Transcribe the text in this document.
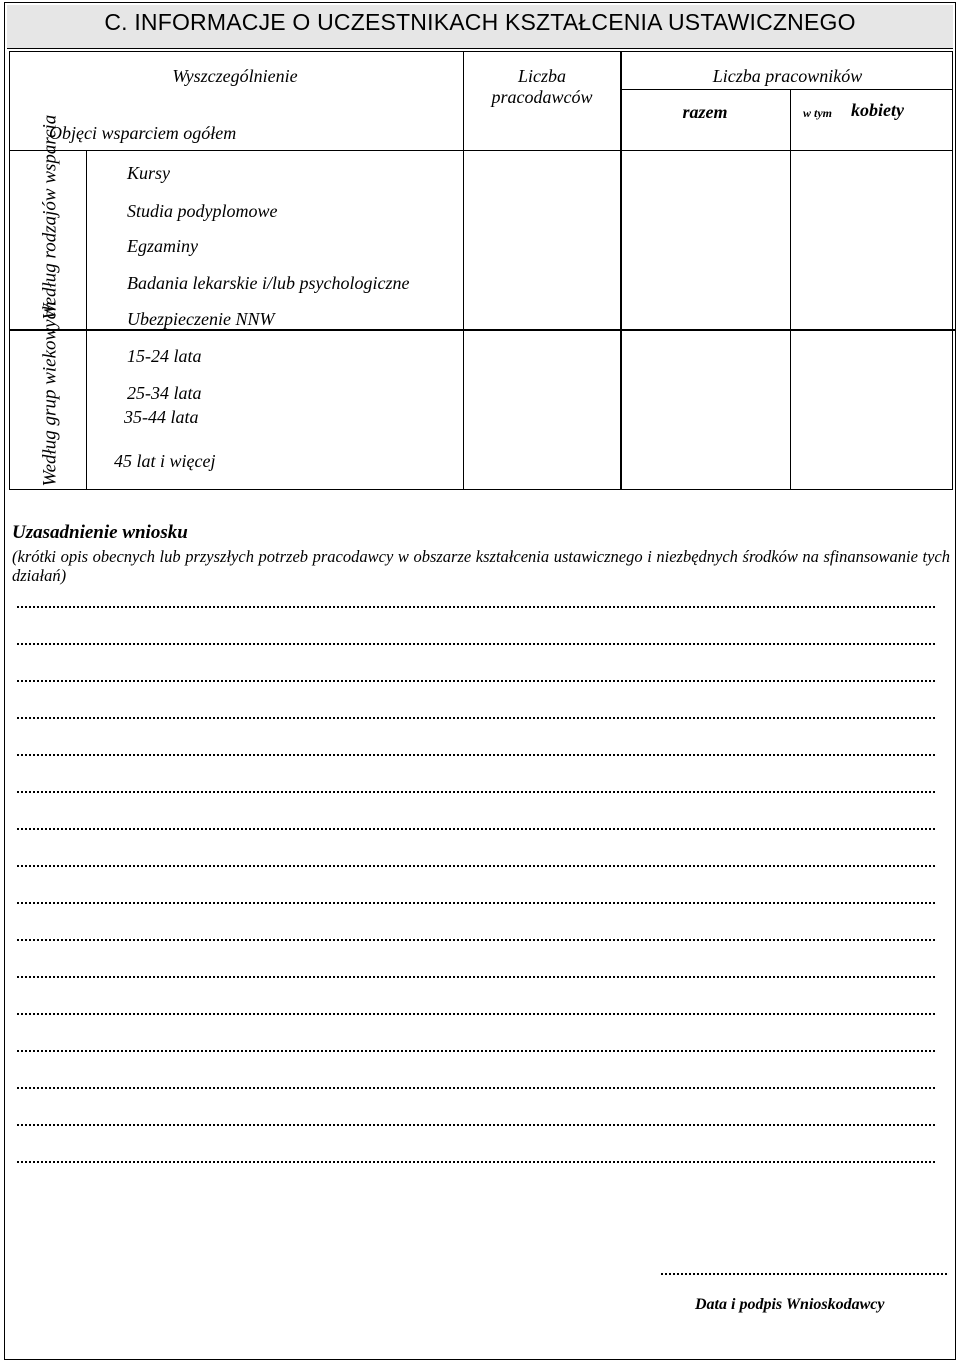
C. INFORMACJE O UCZESTNIKACH KSZTAŁCENIA USTAWICZNEGO
Wyszczególnienie	Liczba pracodawców
Liczba pracowników
razem	w tym kobiety
Objęci wsparciem ogółem
Według rodzajów wsparcia
Według grup wiekowych
Kursy
Studia podyplomowe
Egzaminy
Badania lekarskie i/lub psychologiczne
Ubezpieczenie NNW
15-24 lata
25-34 lata
35-44 lata
45 lat i więcej
Uzasadnienie wniosku
(krótki opis obecnych lub przyszłych potrzeb pracodawcy w obszarze kształcenia ustawicznego i niezbędnych środków na sfinansowanie tych działań)
Data i podpis Wnioskodawcy
